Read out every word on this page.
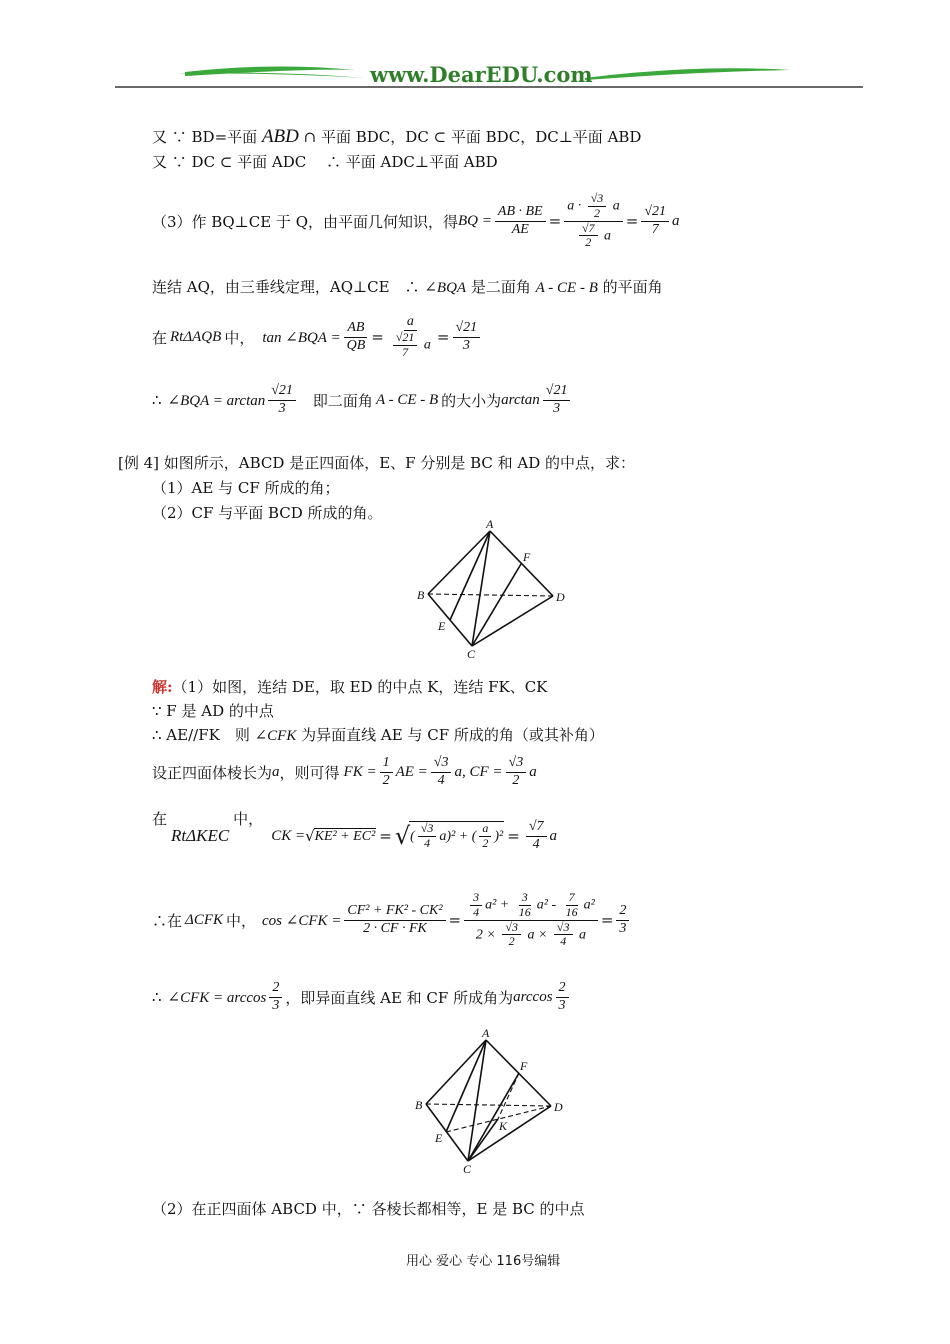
www.DearEDU.com
又 ∵ BD=平面 ABD ∩ 平面 BDC，DC ⊂ 平面 BDC，DC⊥平面 ABD
又 ∵ DC ⊂ 平面 ADC　 ∴ 平面 ADC⊥平面 ABD
（3）作 BQ⊥CE 于 Q，由平面几何知识，得 BQ = $\frac{AB \cdot BE}{AE} = \frac{a \cdot \frac{√3}{2} a}{\frac{√7}{2} a} = \frac{√21}{7}$ a
连结 AQ，由三垂线定理，AQ⊥CE　∴ ∠BQA 是二面角 A - CE - B 的平面角
在 RtΔAQB 中， tan ∠BQA = $\frac{AB}{QB} = \frac{a}{\frac{√21}{7} a} = \frac{√21}{3}$
∴ ∠BQA = $\arctan \frac{√21}{3}$ 即二面角 A - CE - B 的大小为 $\arctan \frac{√21}{3}$
[例 4] 如图所示，ABCD 是正四面体，E、F 分别是 BC 和 AD 的中点，求：
（1）AE 与 CF 所成的角；
（2）CF 与平面 BCD 所成的角。
A
F
B	D
E
C
解:（1）如图，连结 DE，取 ED 的中点 K，连结 FK、CK
∵ F 是 AD 的中点
∴ AE//FK　则 ∠CFK 为异面直线 AE 与 CF 所成的角（或其补角）
设正四面体棱长为 a ，则可得 FK = $\frac{1}{2}$ AE = $\frac{√3}{4} a$, CF = $\frac{√3}{2}$ a
在
RtΔKEC
中，
CK = √ KE² + EC² = √ ( $\frac{√3}{4} a)^2$ + ( $\frac{a}{2} )^2 = \frac{√7}{4}$ a
∴在 ΔCFK 中， cos ∠CFK = $\frac{\text{CF² + FK² - CK²}}{2 \cdot CF \cdot FK} = \frac{\frac{3}{4} a^2 + \frac{3}{16} a^2 - \frac{7}{16} a^2}{2 \times \frac{√3}{2} a \times \frac{√3}{4} a} = \frac{2}{3}$
∴ ∠CFK = $\arccos \frac{2}{3}$ ，即异面直线 AE 和 CF 所成角为 $\arccos \frac{2}{3}$
A
F
B	D
K
E
C
（2）在正四面体 ABCD 中，∵ 各棱长都相等，E 是 BC 的中点
用心 爱心 专心 116号编辑
